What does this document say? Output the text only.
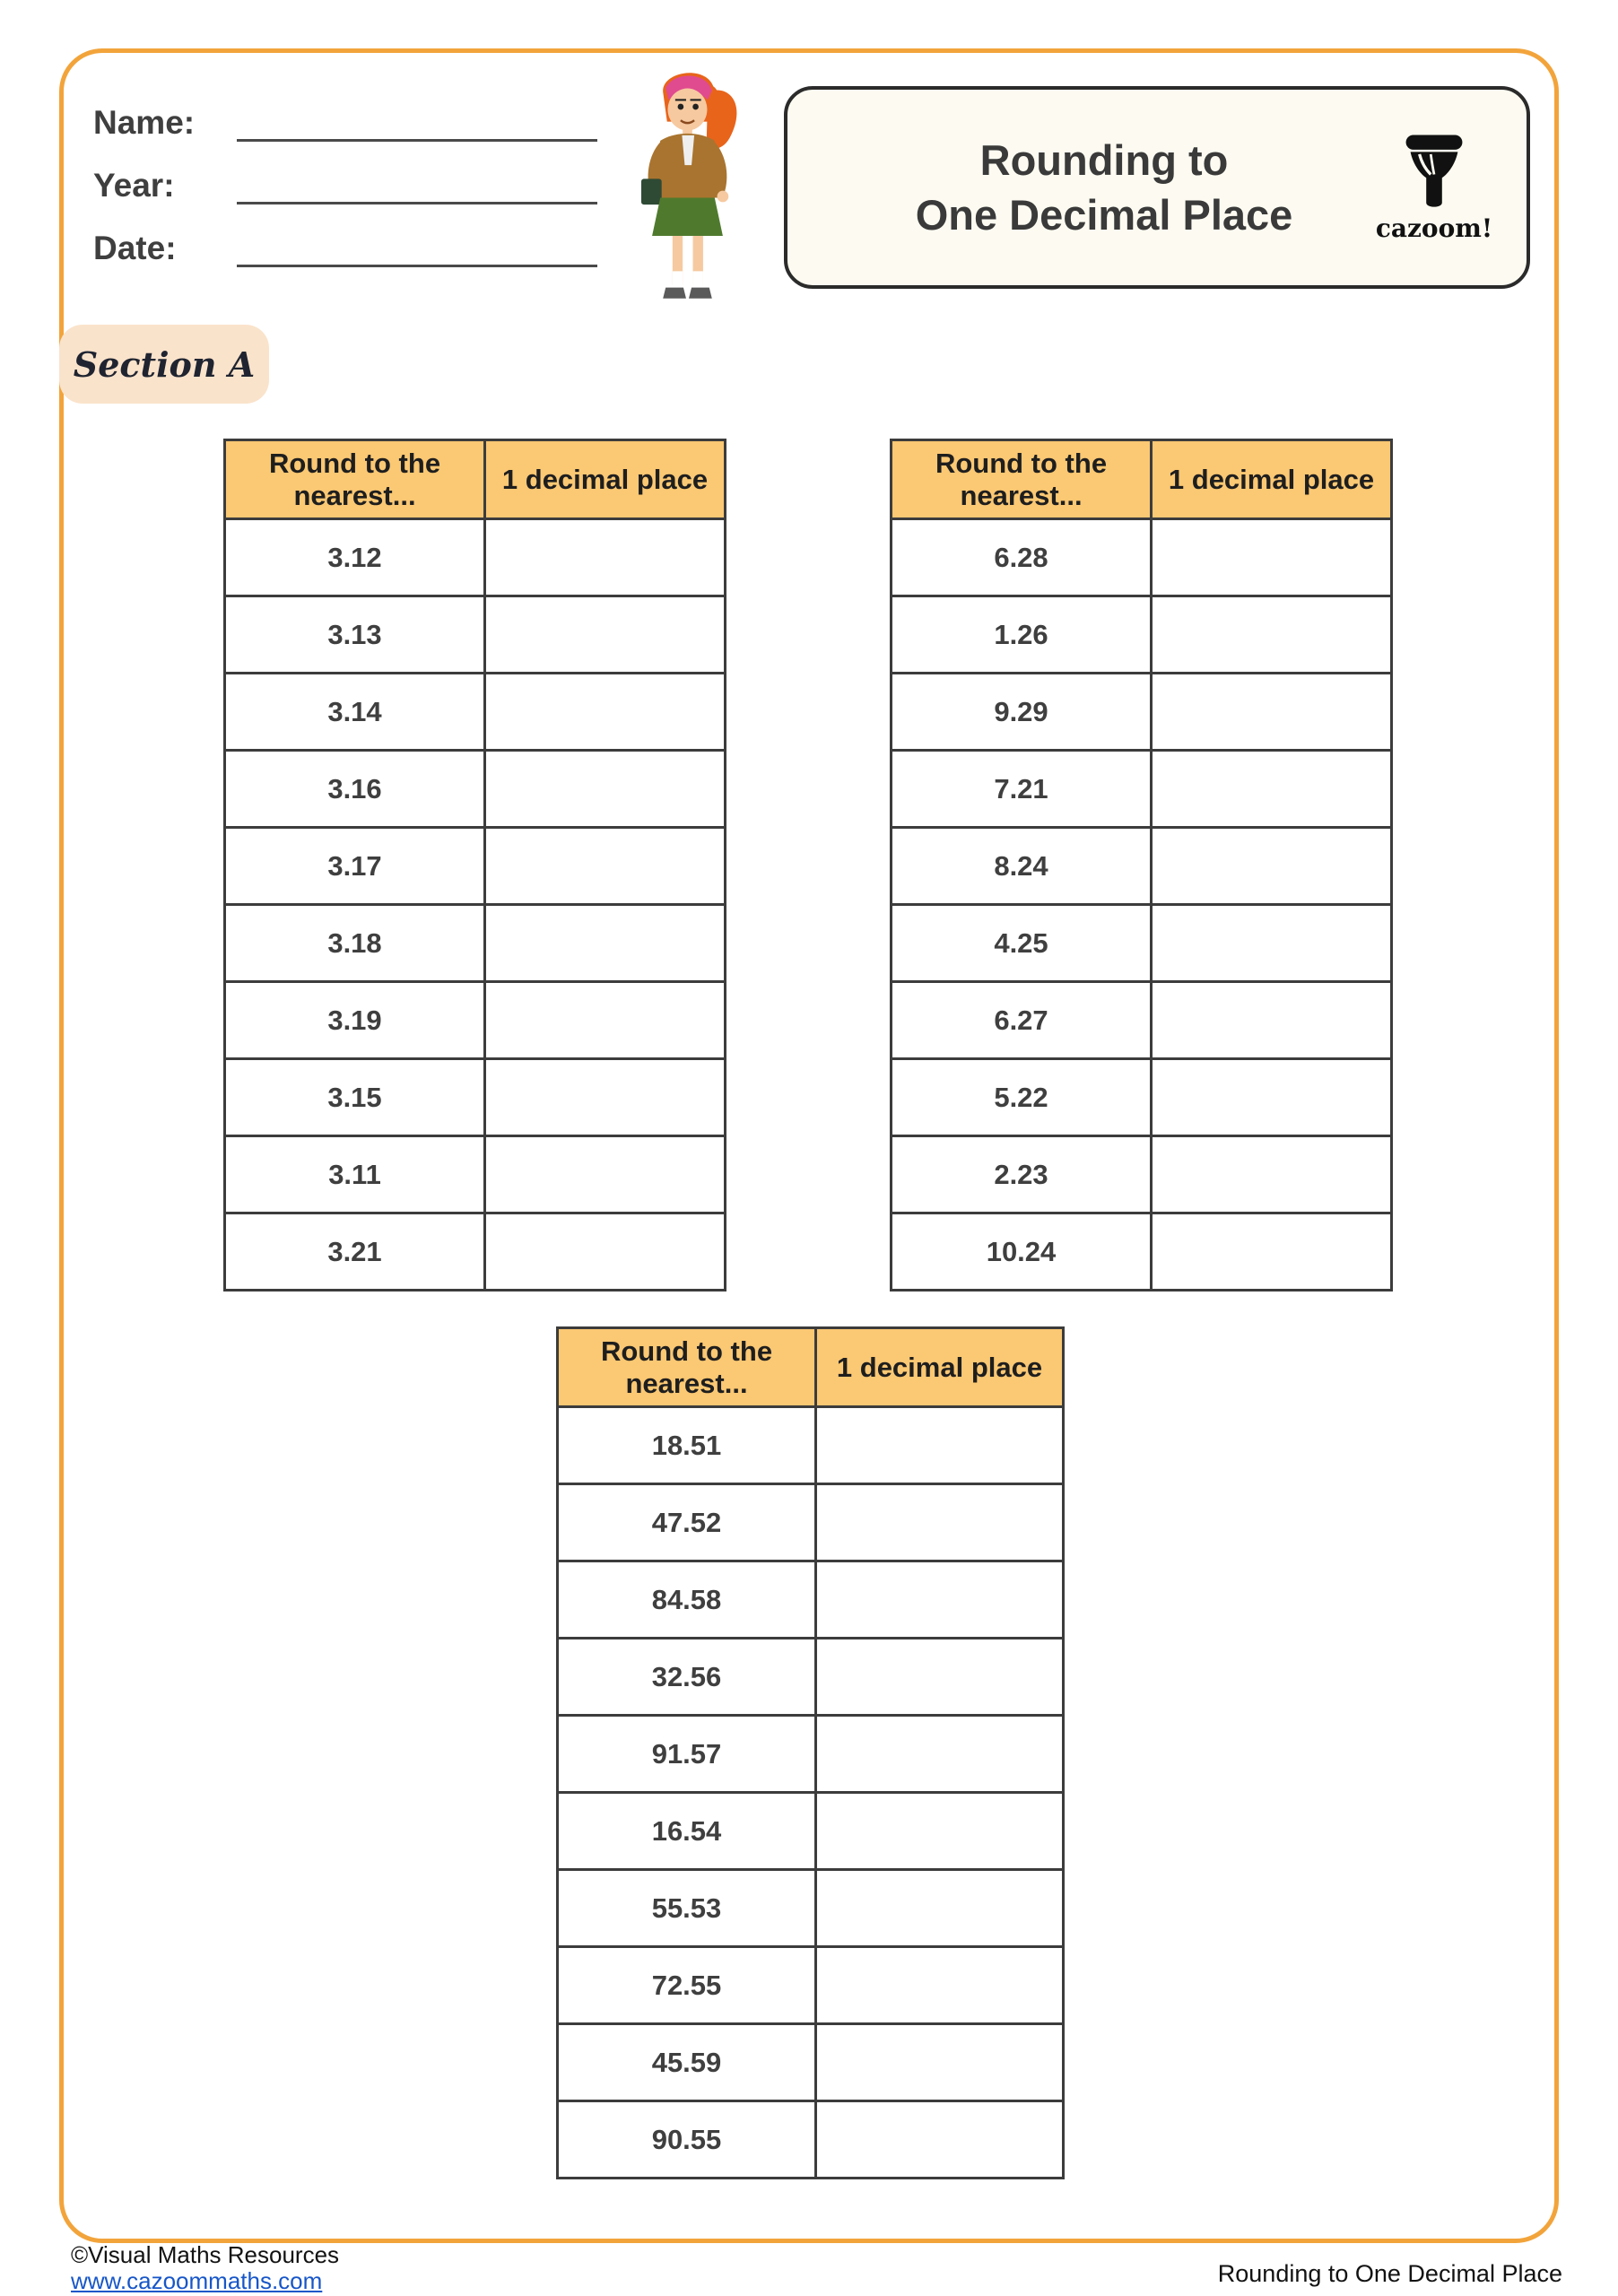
Name:
Year:
Date:
Rounding to
One Decimal Place	cazoom!
Section A
Round to the nearest...	1 decimal place
3.12	
3.13	
3.14	
3.16	
3.17	
3.18	
3.19	
3.15	
3.11	
3.21	
Round to the nearest...	1 decimal place
6.28	
1.26	
9.29	
7.21	
8.24	
4.25	
6.27	
5.22	
2.23	
10.24	
Round to the nearest...	1 decimal place
18.51	
47.52	
84.58	
32.56	
91.57	
16.54	
55.53	
72.55	
45.59	
90.55	
©Visual Maths Resources
www.cazoommaths.com	Rounding to One Decimal Place
